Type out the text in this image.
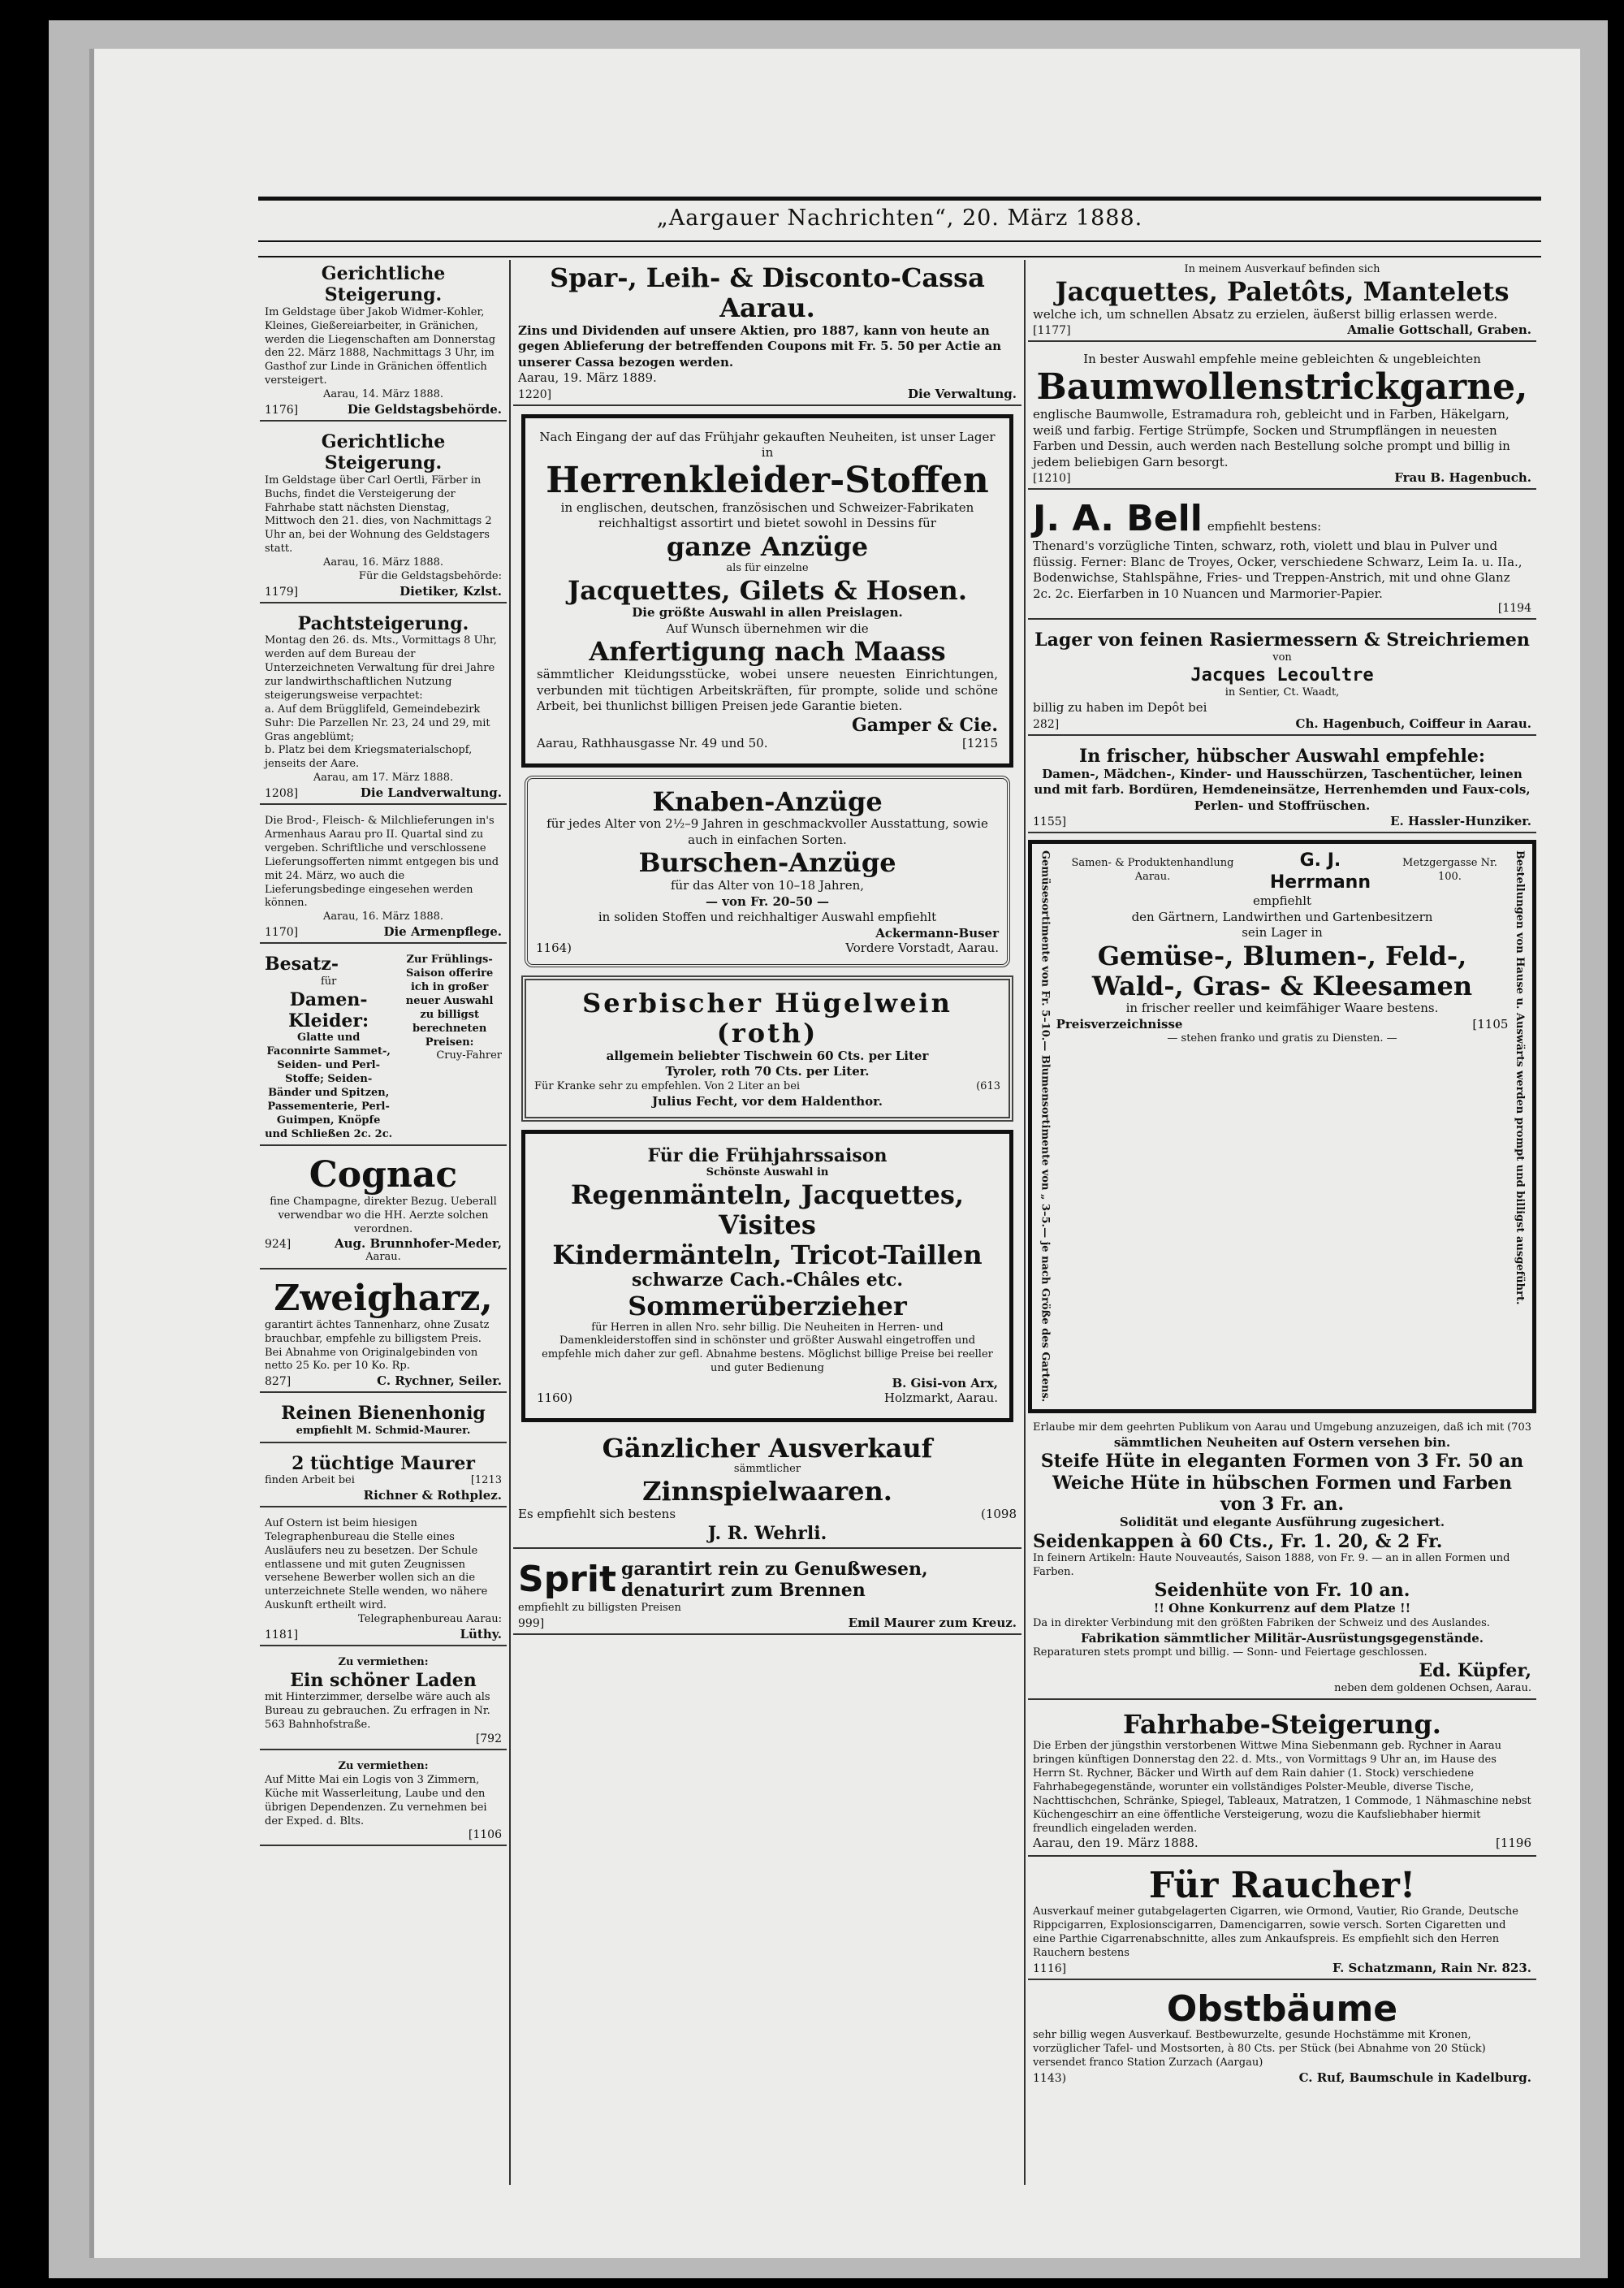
„Aargauer Nachrichten“, 20. März 1888.
Gerichtliche Steigerung.
Im Geldstage über Jakob Widmer-Kohler, Kleines, Gießereiarbeiter, in Gränichen, werden die Liegenschaften am Donnerstag den 22. März 1888, Nachmittags 3 Uhr, im Gasthof zur Linde in Gränichen öffentlich versteigert.
Aarau, 14. März 1888.
1176]	Die Geldstagsbehörde.
Gerichtliche Steigerung.
Im Geldstage über Carl Oertli, Färber in Buchs, findet die Versteigerung der Fahrhabe statt nächsten Dienstag, Mittwoch den 21. dies, von Nachmittags 2 Uhr an, bei der Wohnung des Geldstagers statt.
Aarau, 16. März 1888.
Für die Geldstagsbehörde:
1179]	Dietiker, Kzlst.
Pachtsteigerung.
Montag den 26. ds. Mts., Vormittags 8 Uhr, werden auf dem Bureau der Unterzeichneten Verwaltung für drei Jahre zur landwirthschaftlichen Nutzung steigerungsweise verpachtet:
a. Auf dem Brügglifeld, Gemeindebezirk Suhr: Die Parzellen Nr. 23, 24 und 29, mit Gras angeblümt;
b. Platz bei dem Kriegsmaterialschopf, jenseits der Aare.
Aarau, am 17. März 1888.
1208]	Die Landverwaltung.
Die Brod-, Fleisch- & Milchlieferungen in's Armenhaus Aarau pro II. Quartal sind zu vergeben. Schriftliche und verschlossene Lieferungsofferten nimmt entgegen bis und mit 24. März, wo auch die Lieferungsbedinge eingesehen werden können.
Aarau, 16. März 1888.
1170]	Die Armenpflege.
Besatz-
für
Damen-Kleider:
Glatte und Faconnirte Sammet-, Seiden- und Perl-Stoffe; Seiden-Bänder und Spitzen, Passementerie, Perl-Guimpen, Knöpfe und Schließen 2c. 2c.
Zur Frühlings-Saison offerire ich in großer neuer Auswahl zu billigst berechneten Preisen:
Cruy-Fahrer
Cognac
fine Champagne, direkter Bezug. Ueberall verwendbar wo die HH. Aerzte solchen verordnen.
924]	Aug. Brunnhofer-Meder,
Aarau.
Zweigharz,
garantirt ächtes Tannenharz, ohne Zusatz brauchbar, empfehle zu billigstem Preis. Bei Abnahme von Originalgebinden von netto 25 Ko. per 10 Ko. Rp.
827]	C. Rychner, Seiler.
Reinen Bienenhonig
empfiehlt M. Schmid-Maurer.
2 tüchtige Maurer
finden Arbeit bei	[1213
Richner & Rothplez.
Auf Ostern ist beim hiesigen Telegraphenbureau die Stelle eines Ausläufers neu zu besetzen. Der Schule entlassene und mit guten Zeugnissen versehene Bewerber wollen sich an die unterzeichnete Stelle wenden, wo nähere Auskunft ertheilt wird.
Telegraphenbureau Aarau:
1181]	Lüthy.
Zu vermiethen:
Ein schöner Laden
mit Hinterzimmer, derselbe wäre auch als Bureau zu gebrauchen. Zu erfragen in Nr. 563 Bahnhofstraße.
[792
Zu vermiethen:
Auf Mitte Mai ein Logis von 3 Zimmern, Küche mit Wasserleitung, Laube und den übrigen Dependenzen. Zu vernehmen bei der Exped. d. Blts.
[1106
Spar-, Leih- & Disconto-Cassa Aarau.
Zins und Dividenden auf unsere Aktien, pro 1887, kann von heute an gegen Ablieferung der betreffenden Coupons mit Fr. 5. 50 per Actie an unserer Cassa bezogen werden.
Aarau, 19. März 1889.
1220]	Die Verwaltung.
Nach Eingang der auf das Frühjahr gekauften Neuheiten, ist unser Lager in
Herrenkleider-Stoffen
in englischen, deutschen, französischen und Schweizer-Fabrikaten reichhaltigst assortirt und bietet sowohl in Dessins für
ganze Anzüge
als für einzelne
Jacquettes, Gilets & Hosen.
Die größte Auswahl in allen Preislagen.
Auf Wunsch übernehmen wir die
Anfertigung nach Maass
sämmtlicher Kleidungsstücke, wobei unsere neuesten Einrichtungen, verbunden mit tüchtigen Arbeitskräften, für prompte, solide und schöne Arbeit, bei thunlichst billigen Preisen jede Garantie bieten.
Gamper & Cie.
Aarau, Rathhausgasse Nr. 49 und 50.	[1215
Knaben-Anzüge
für jedes Alter von 2½–9 Jahren in geschmackvoller Ausstattung, sowie auch in einfachen Sorten.
Burschen-Anzüge
für das Alter von 10–18 Jahren,
— von Fr. 20–50 —
in soliden Stoffen und reichhaltiger Auswahl empfiehlt
Ackermann-Buser
1164)	Vordere Vorstadt, Aarau.
Serbischer Hügelwein (roth)
allgemein beliebter Tischwein 60 Cts. per Liter
Tyroler, roth 70 Cts. per Liter.
Für Kranke sehr zu empfehlen. Von 2 Liter an bei	(613
Julius Fecht, vor dem Haldenthor.
Für die Frühjahrssaison
Schönste Auswahl in
Regenmänteln, Jacquettes, Visites
Kindermänteln, Tricot-Taillen
schwarze Cach.-Châles etc.
Sommerüberzieher
für Herren in allen Nro. sehr billig. Die Neuheiten in Herren- und Damenkleiderstoffen sind in schönster und größter Auswahl eingetroffen und empfehle mich daher zur gefl. Abnahme bestens. Möglichst billige Preise bei reeller und guter Bedienung
B. Gisi-von Arx,
1160)	Holzmarkt, Aarau.
Gänzlicher Ausverkauf
sämmtlicher
Zinnspielwaaren.
Es empfiehlt sich bestens	(1098
J. R. Wehrli.
Sprit garantirt rein zu Genußwesen, denaturirt zum Brennen
empfiehlt zu billigsten Preisen
999]	Emil Maurer zum Kreuz.
In meinem Ausverkauf befinden sich
Jacquettes, Paletôts, Mantelets
welche ich, um schnellen Absatz zu erzielen, äußerst billig erlassen werde.
[1177]	Amalie Gottschall, Graben.
In bester Auswahl empfehle meine gebleichten & ungebleichten
Baumwollenstrickgarne,
englische Baumwolle, Estramadura roh, gebleicht und in Farben, Häkelgarn, weiß und farbig. Fertige Strümpfe, Socken und Strumpflängen in neuesten Farben und Dessin, auch werden nach Bestellung solche prompt und billig in jedem beliebigen Garn besorgt.
[1210]	Frau B. Hagenbuch.
J. A. Bell empfiehlt bestens:
Thenard's vorzügliche Tinten, schwarz, roth, violett und blau in Pulver und flüssig. Ferner: Blanc de Troyes, Ocker, verschiedene Schwarz, Leim Ia. u. IIa., Bodenwichse, Stahlspähne, Fries- und Treppen-Anstrich, mit und ohne Glanz 2c. 2c. Eierfarben in 10 Nuancen und Marmorier-Papier.
[1194
Lager von feinen Rasiermessern & Streichriemen
von
Jacques Lecoultre
in Sentier, Ct. Waadt,
billig zu haben im Depôt bei
282]	Ch. Hagenbuch, Coiffeur in Aarau.
In frischer, hübscher Auswahl empfehle:
Damen-, Mädchen-, Kinder- und Hausschürzen, Taschentücher, leinen und mit farb. Bordüren, Hemdeneinsätze, Herrenhemden und Faux-cols, Perlen- und Stoffrüschen.
1155]	E. Hassler-Hunziker.
Gemüsesortimente von Fr. 5–10.— Blumensortimente von „ 3–5.— je nach Größe des Gartens.	Samen- & Produktenhandlung Aarau.
G. J. Herrmann
Metzgergasse Nr. 100.
empfiehlt
den Gärtnern, Landwirthen und Gartenbesitzern
sein Lager in
Gemüse-, Blumen-, Feld-,
Wald-, Gras- & Kleesamen
in frischer reeller und keimfähiger Waare bestens.
Preisverzeichnisse	[1105
— stehen franko und gratis zu Diensten. —	Bestellungen von Hause u. Auswärts werden prompt und billigst ausgeführt.
Erlaube mir dem geehrten Publikum von Aarau und Umgebung anzuzeigen, daß ich mit (703
sämmtlichen Neuheiten auf Ostern versehen bin.
Steife Hüte in eleganten Formen von 3 Fr. 50 an
Weiche Hüte in hübschen Formen und Farben von 3 Fr. an.
Solidität und elegante Ausführung zugesichert.
Seidenkappen à 60 Cts., Fr. 1. 20, & 2 Fr.
In feinern Artikeln: Haute Nouveautés, Saison 1888, von Fr. 9. — an in allen Formen und Farben.
Seidenhüte von Fr. 10 an.
!! Ohne Konkurrenz auf dem Platze !!
Da in direkter Verbindung mit den größten Fabriken der Schweiz und des Auslandes.
Fabrikation sämmtlicher Militär-Ausrüstungsgegenstände.
Reparaturen stets prompt und billig. — Sonn- und Feiertage geschlossen.
Ed. Küpfer,
neben dem goldenen Ochsen, Aarau.
Fahrhabe-Steigerung.
Die Erben der jüngsthin verstorbenen Wittwe Mina Siebenmann geb. Rychner in Aarau bringen künftigen Donnerstag den 22. d. Mts., von Vormittags 9 Uhr an, im Hause des Herrn St. Rychner, Bäcker und Wirth auf dem Rain dahier (1. Stock) verschiedene Fahrhabegegenstände, worunter ein vollständiges Polster-Meuble, diverse Tische, Nachttischchen, Schränke, Spiegel, Tableaux, Matratzen, 1 Commode, 1 Nähmaschine nebst Küchengeschirr an eine öffentliche Versteigerung, wozu die Kaufsliebhaber hiermit freundlich eingeladen werden.
Aarau, den 19. März 1888.	[1196
Für Raucher!
Ausverkauf meiner gutabgelagerten Cigarren, wie Ormond, Vautier, Rio Grande, Deutsche Rippcigarren, Explosionscigarren, Damencigarren, sowie versch. Sorten Cigaretten und eine Parthie Cigarrenabschnitte, alles zum Ankaufspreis. Es empfiehlt sich den Herren Rauchern bestens
1116]	F. Schatzmann, Rain Nr. 823.
Obstbäume
sehr billig wegen Ausverkauf. Bestbewurzelte, gesunde Hochstämme mit Kronen, vorzüglicher Tafel- und Mostsorten, à 80 Cts. per Stück (bei Abnahme von 20 Stück) versendet franco Station Zurzach (Aargau)
1143)	C. Ruf, Baumschule in Kadelburg.
